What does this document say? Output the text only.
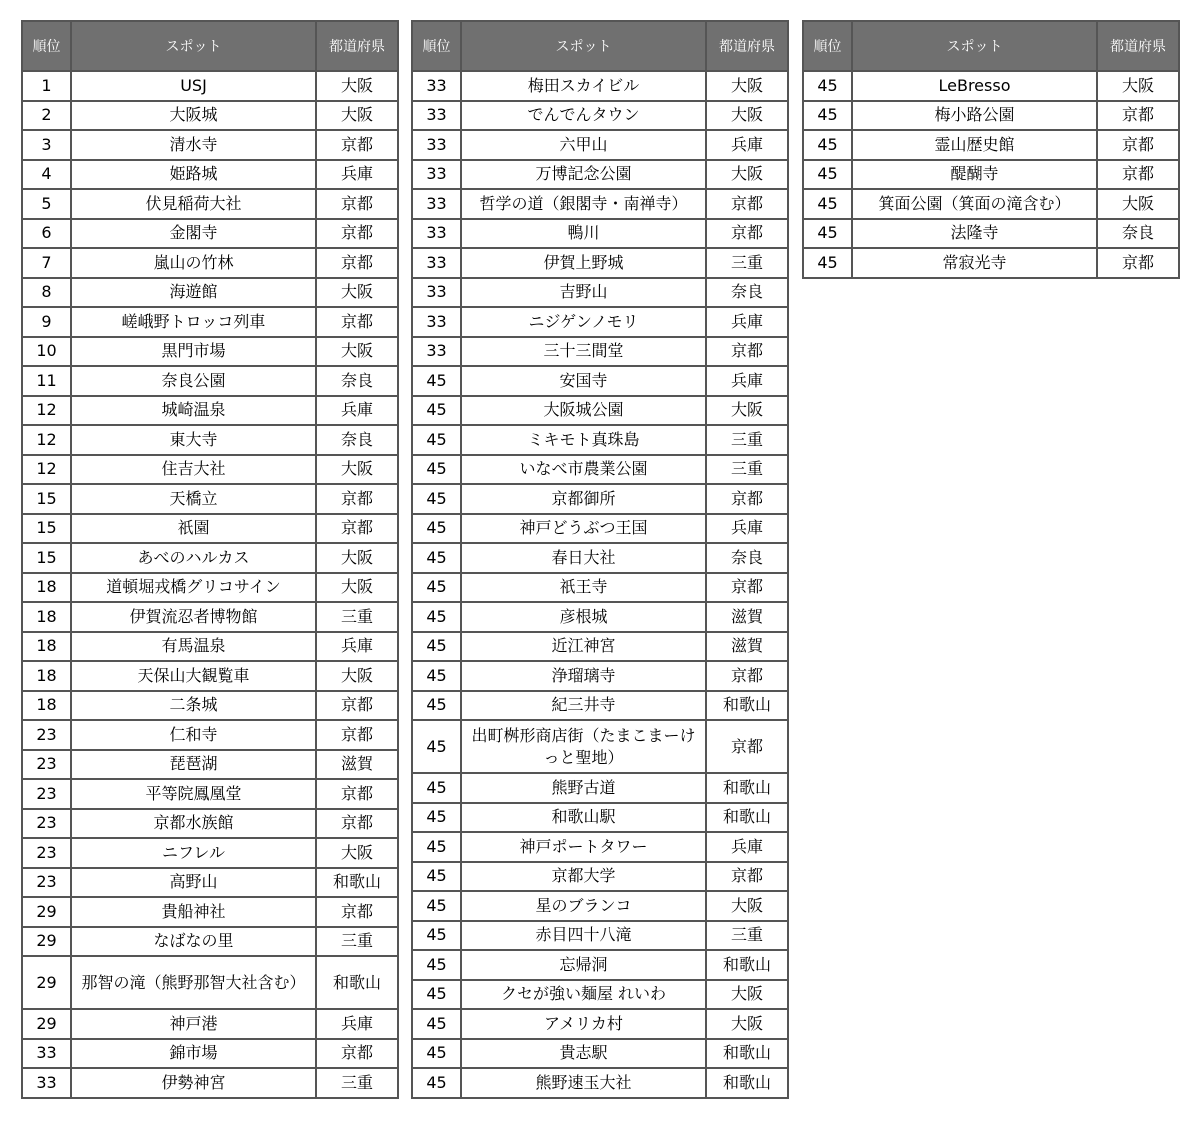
順位	スポット	都道府県
1	USJ	大阪
2	大阪城	大阪
3	清水寺	京都
4	姫路城	兵庫
5	伏見稲荷大社	京都
6	金閣寺	京都
7	嵐山の竹林	京都
8	海遊館	大阪
9	嵯峨野トロッコ列車	京都
10	黒門市場	大阪
11	奈良公園	奈良
12	城崎温泉	兵庫
12	東大寺	奈良
12	住吉大社	大阪
15	天橋立	京都
15	祇園	京都
15	あべのハルカス	大阪
18	道頓堀戎橋グリコサイン	大阪
18	伊賀流忍者博物館	三重
18	有馬温泉	兵庫
18	天保山大観覧車	大阪
18	二条城	京都
23	仁和寺	京都
23	琵琶湖	滋賀
23	平等院鳳凰堂	京都
23	京都水族館	京都
23	ニフレル	大阪
23	高野山	和歌山
29	貴船神社	京都
29	なばなの里	三重
29	那智の滝（熊野那智大社含む）	和歌山
29	神戸港	兵庫
33	錦市場	京都
33	伊勢神宮	三重
順位	スポット	都道府県
33	梅田スカイビル	大阪
33	でんでんタウン	大阪
33	六甲山	兵庫
33	万博記念公園	大阪
33	哲学の道（銀閣寺・南禅寺）	京都
33	鴨川	京都
33	伊賀上野城	三重
33	吉野山	奈良
33	ニジゲンノモリ	兵庫
33	三十三間堂	京都
45	安国寺	兵庫
45	大阪城公園	大阪
45	ミキモト真珠島	三重
45	いなべ市農業公園	三重
45	京都御所	京都
45	神戸どうぶつ王国	兵庫
45	春日大社	奈良
45	祇王寺	京都
45	彦根城	滋賀
45	近江神宮	滋賀
45	浄瑠璃寺	京都
45	紀三井寺	和歌山
45	出町桝形商店街（たまこまーけっと聖地）	京都
45	熊野古道	和歌山
45	和歌山駅	和歌山
45	神戸ポートタワー	兵庫
45	京都大学	京都
45	星のブランコ	大阪
45	赤目四十八滝	三重
45	忘帰洞	和歌山
45	クセが強い麺屋 れいわ	大阪
45	アメリカ村	大阪
45	貴志駅	和歌山
45	熊野速玉大社	和歌山
順位	スポット	都道府県
45	LeBresso	大阪
45	梅小路公園	京都
45	霊山歴史館	京都
45	醍醐寺	京都
45	箕面公園（箕面の滝含む）	大阪
45	法隆寺	奈良
45	常寂光寺	京都
